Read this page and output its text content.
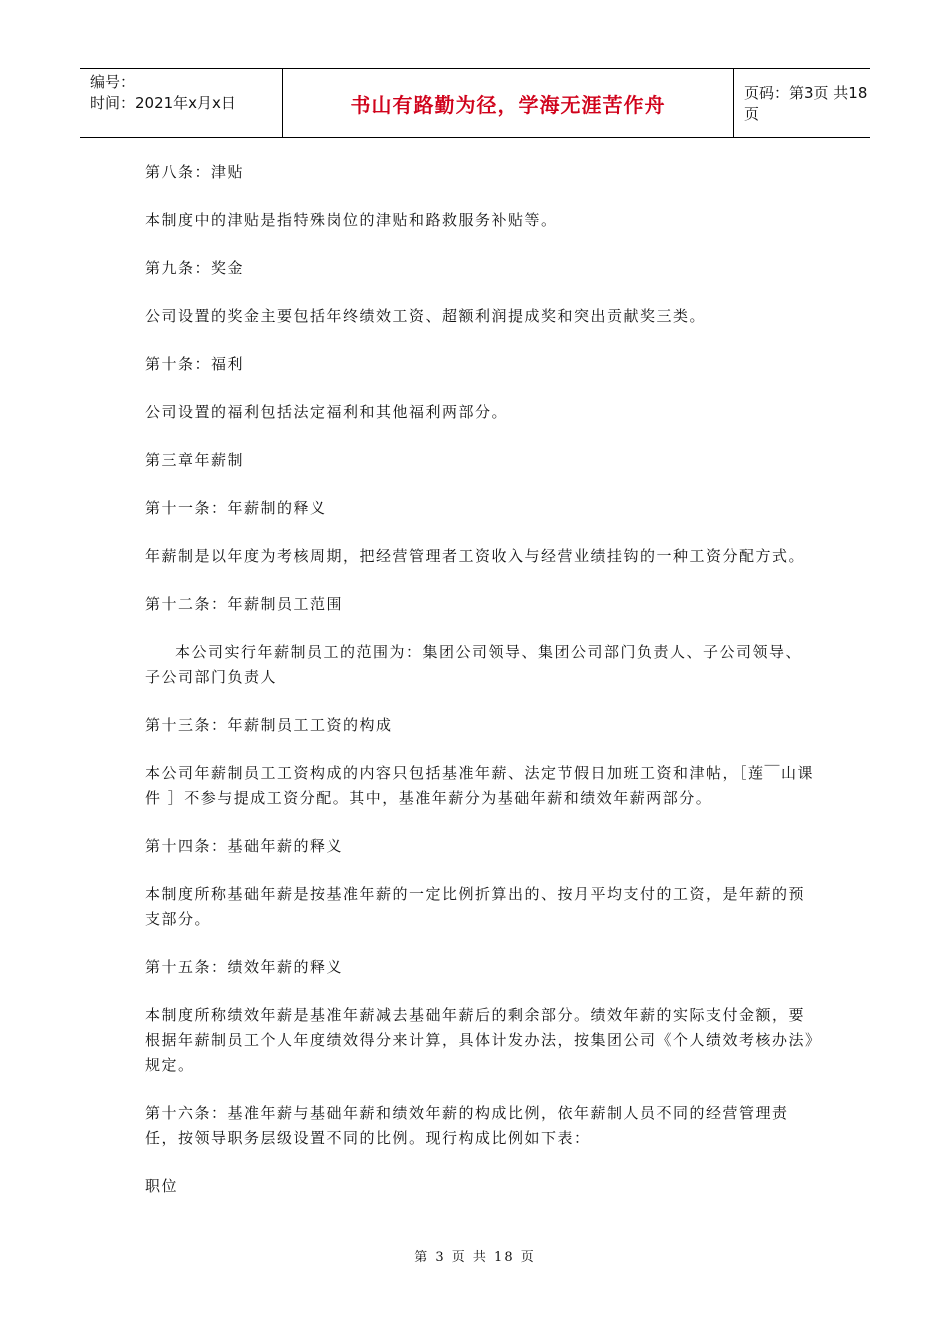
编号：
时间：2021年x月x日	书山有路勤为径，学海无涯苦作舟	页码：第3页 共18页

第八条：津贴

本制度中的津贴是指特殊岗位的津贴和路救服务补贴等。

第九条：奖金

公司设置的奖金主要包括年终绩效工资、超额利润提成奖和突出贡献奖三类。

第十条：福利

公司设置的福利包括法定福利和其他福利两部分。

第三章年薪制

第十一条：年薪制的释义

年薪制是以年度为考核周期，把经营管理者工资收入与经营业绩挂钩的一种工资分配方式。

第十二条：年薪制员工范围

本公司实行年薪制员工的范围为：集团公司领导、集团公司部门负责人、子公司领导、子公司部门负责人

第十三条：年薪制员工工资的构成

本公司年薪制员工工资构成的内容只包括基准年薪、法定节假日加班工资和津帖，［莲￣山课件 ］不参与提成工资分配。其中，基准年薪分为基础年薪和绩效年薪两部分。

第十四条：基础年薪的释义

本制度所称基础年薪是按基准年薪的一定比例折算出的、按月平均支付的工资，是年薪的预支部分。

第十五条：绩效年薪的释义

本制度所称绩效年薪是基准年薪减去基础年薪后的剩余部分。绩效年薪的实际支付金额，要根据年薪制员工个人年度绩效得分来计算，具体计发办法，按集团公司《个人绩效考核办法》规定。

第十六条：基准年薪与基础年薪和绩效年薪的构成比例，依年薪制人员不同的经营管理责任，按领导职务层级设置不同的比例。现行构成比例如下表：

职位

第 3 页 共 18 页
